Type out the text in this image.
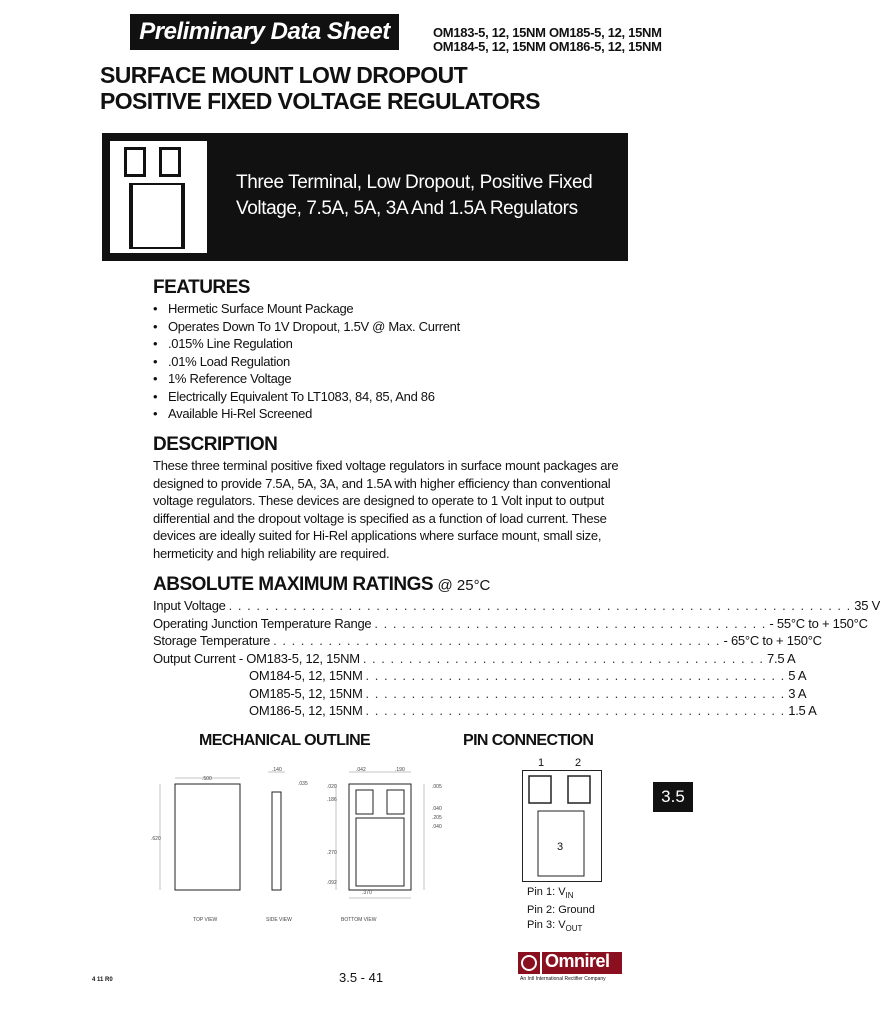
Preliminary Data Sheet	OM183-5, 12, 15NM OM185-5, 12, 15NM
OM184-5, 12, 15NM OM186-5, 12, 15NM
SURFACE MOUNT LOW DROPOUT
POSITIVE FIXED VOLTAGE REGULATORS
Three Terminal, Low Dropout, Positive Fixed
Voltage, 7.5A, 5A, 3A And 1.5A Regulators
FEATURES
• Hermetic Surface Mount Package
• Operates Down To 1V Dropout, 1.5V @ Max. Current
• .015% Line Regulation
• .01% Load Regulation
• 1% Reference Voltage
• Electrically Equivalent To LT1083, 84, 85, And 86
• Available Hi-Rel Screened
DESCRIPTION
These three terminal positive fixed voltage regulators in surface mount packages are
designed to provide 7.5A, 5A, 3A, and 1.5A with higher efficiency than conventional
voltage regulators. These devices are designed to operate to 1 Volt input to output
differential and the dropout voltage is specified as a function of load current. These
devices are ideally suited for Hi-Rel applications where surface mount, small size,
hermeticity and high reliability are required.
ABSOLUTE MAXIMUM RATINGS @ 25°C
Input Voltage . . . . . . . . . . . . . . . . . . . . . . . . . . . . . . . . . . . . . . . . . . . . . . . . . . . . . . . . . . . . . . . . . . . . 35 V
Operating Junction Temperature Range . . . . . . . . . . . . . . . . . . . . . . . . . . . . . . . . . . . . . . . . . . . - 55°C to + 150°C
Storage Temperature . . . . . . . . . . . . . . . . . . . . . . . . . . . . . . . . . . . . . . . . . . . . . . . . . - 65°C to + 150°C
Output Current - OM183-5, 12, 15NM . . . . . . . . . . . . . . . . . . . . . . . . . . . . . . . . . . . . . . . . . . . . 7.5 A
OM184-5, 12, 15NM . . . . . . . . . . . . . . . . . . . . . . . . . . . . . . . . . . . . . . . . . . . . . . 5 A
OM185-5, 12, 15NM . . . . . . . . . . . . . . . . . . . . . . . . . . . . . . . . . . . . . . . . . . . . . . 3 A
OM186-5, 12, 15NM . . . . . . . . . . . . . . . . . . . . . . . . . . . . . . . . . . . . . . . . . . . . . . 1.5 A
MECHANICAL OUTLINE
.500
.620
.140
.035
.042	.190
.020
.186
.005
.040
.205
.370
.092
.270
.040
TOP VIEW	SIDE VIEW	BOTTOM VIEW
PIN CONNECTION
1	2
3
Pin 1: $V_{IN}$
Pin 2: Ground
Pin 3: $V_{OUT}$
3.5
4 11 R0	3.5 - 41
Omnirel
An Intl International Rectifier Company
